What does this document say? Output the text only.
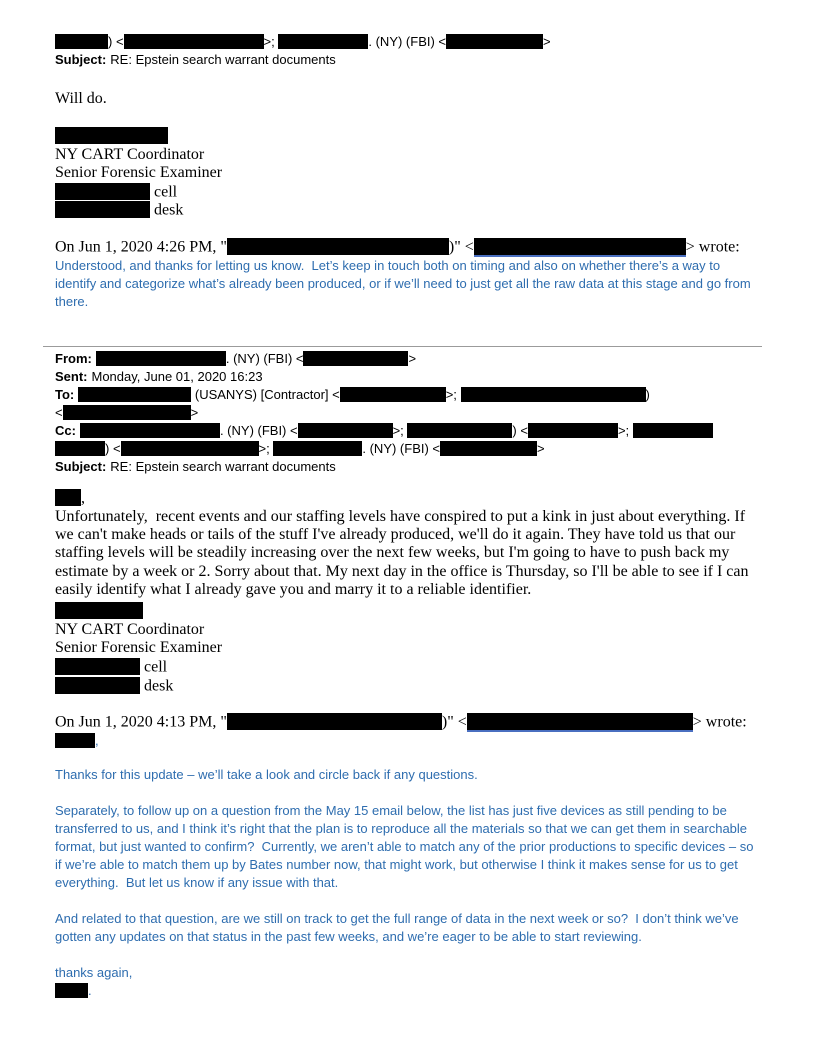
) <	>;	. (NY) (FBI) <	>
Subject: RE: Epstein search warrant documents
Will do.
NY CART Coordinator
Senior Forensic Examiner
cell
desk
On Jun 1, 2020 4:26 PM, "	)" <	> wrote:
Understood, and thanks for letting us know.  Let’s keep in touch both on timing and also on whether there’s a way to identify and categorize what’s already been produced, or if we’ll need to just get all the raw data at this stage and go from there.
From:	. (NY) (FBI) <	>
Sent: Monday, June 01, 2020 16:23
To:	(USANYS) [Contractor] <	>;	)
<	>
Cc:	. (NY) (FBI) <	>;	) <	>;
) <	>;	. (NY) (FBI) <	>
Subject: RE: Epstein search warrant documents
,
Unfortunately,  recent events and our staffing levels have conspired to put a kink in just about everything. If we can't make heads or tails of the stuff I've already produced, we'll do it again. They have told us that our staffing levels will be steadily increasing over the next few weeks, but I'm going to have to push back my estimate by a week or 2. Sorry about that. My next day in the office is Thursday, so I'll be able to see if I can easily identify what I already gave you and marry it to a reliable identifier.
NY CART Coordinator
Senior Forensic Examiner
cell
desk
On Jun 1, 2020 4:13 PM, "	)" <	> wrote:
,
Thanks for this update – we’ll take a look and circle back if any questions.
Separately, to follow up on a question from the May 15 email below, the list has just five devices as still pending to be transferred to us, and I think it’s right that the plan is to reproduce all the materials so that we can get them in searchable format, but just wanted to confirm?  Currently, we aren’t able to match any of the prior productions to specific devices – so if we’re able to match them up by Bates number now, that might work, but otherwise I think it makes sense for us to get everything.  But let us know if any issue with that.
And related to that question, are we still on track to get the full range of data in the next week or so?  I don’t think we’ve gotten any updates on that status in the past few weeks, and we’re eager to be able to start reviewing.
thanks again,
.
